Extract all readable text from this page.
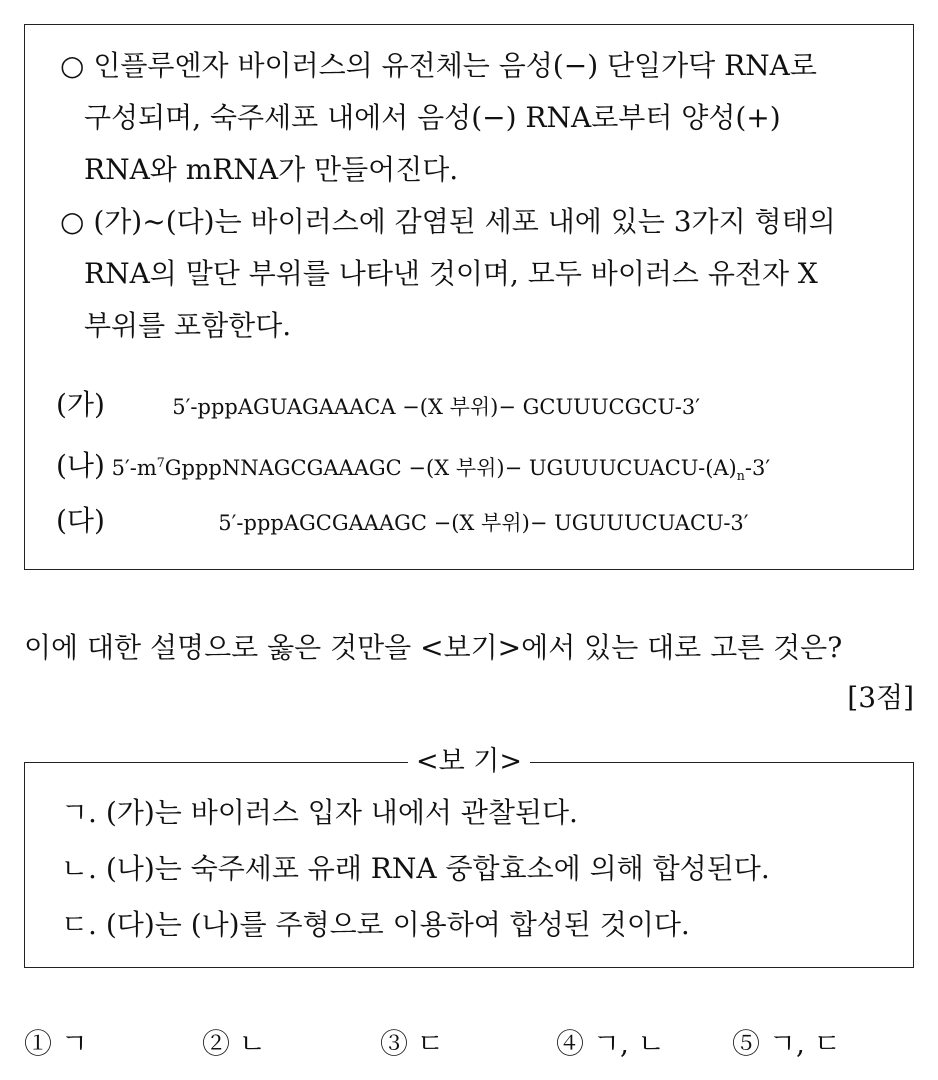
○ 인플루엔자 바이러스의 유전체는 음성(−) 단일가닥 RNA로
구성되며, 숙주세포 내에서 음성(−) RNA로부터 양성(+)
RNA와 mRNA가 만들어진다.
○ (가)~(다)는 바이러스에 감염된 세포 내에 있는 3가지 형태의
RNA의 말단 부위를 나타낸 것이며, 모두 바이러스 유전자 X
부위를 포함한다.
(가)	5′-pppAGUAGAAACA −(X 부위)− GCUUUCGCU-3′
(나) $5'-m^7GpppNNAGCGAAAGC -(X$ 부위)− UGUUUCUACU-$(A)_n-3'$
(다)	5′-pppAGCGAAAGC −(X 부위)− UGUUUCUACU-3′
이에 대한 설명으로 옳은 것만을 <보기>에서 있는 대로 고른 것은?
[3점]
<보 기>
ㄱ. (가)는 바이러스 입자 내에서 관찰된다.
ㄴ. (나)는 숙주세포 유래 RNA 중합효소에 의해 합성된다.
ㄷ. (다)는 (나)를 주형으로 이용하여 합성된 것이다.
① ㄱ	② ㄴ	③ ㄷ	④ ㄱ, ㄴ ⑤ ㄱ, ㄷ
